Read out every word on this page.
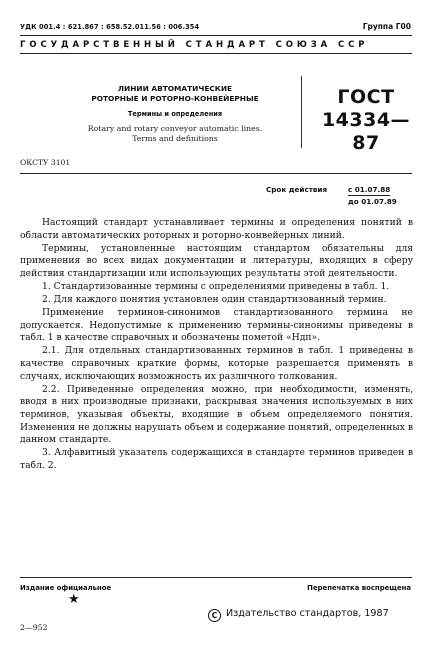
УДК 001.4 : 621.867 : 658.52.011.56 : 006.354	Группа Г00
ГОСУДАРСТВЕННЫЙ СТАНДАРТ СОЮЗА ССР
ЛИНИИ АВТОМАТИЧЕСКИЕ
РОТОРНЫЕ И РОТОРНО-КОНВЕЙЕРНЫЕ
Термины и определения
Rotary and rotary conveyor automatic lines.
Terms and definitions
ГОСТ
14334—87
ОКСТУ 3101
Срок действия	с 01.07.88
до 01.07.89

Настоящий стандарт устанавливает термины и определения понятий в области автоматических роторных и роторно-конвейерных линий.

Термины, установленные настоящим стандартом обязательны для применения во всех видах документации и литературы, входящих в сферу действия стандартизации или использующих результаты этой деятельности.

1. Стандартизованные термины с определениями приведены в табл. 1.

2. Для каждого понятия установлен один стандартизованный термин.

Применение терминов-синонимов стандартизованного термина не допускается. Недопустимые к применению термины-синонимы приведены в табл. 1 в качестве справочных и обозначены пометой «Ндп».

2.1. Для отдельных стандартизованных терминов в табл. 1 приведены в качестве справочных краткие формы, которые разрешается применять в случаях, исключающих возможность их различного толкования.

2.2. Приведенные определения можно, при необходимости, изменять, вводя в них производные признаки, раскрывая значения используемых в них терминов, указывая объекты, входящие в объем определяемого понятия. Изменения не должны нарушать объем и содержание понятий, определенных в данном стандарте.

3. Алфавитный указатель содержащихся в стандарте терминов приведен в табл. 2.

Издание официальное	Перепечатка воспрещена
★
С Издательство стандартов, 1987
2—952
